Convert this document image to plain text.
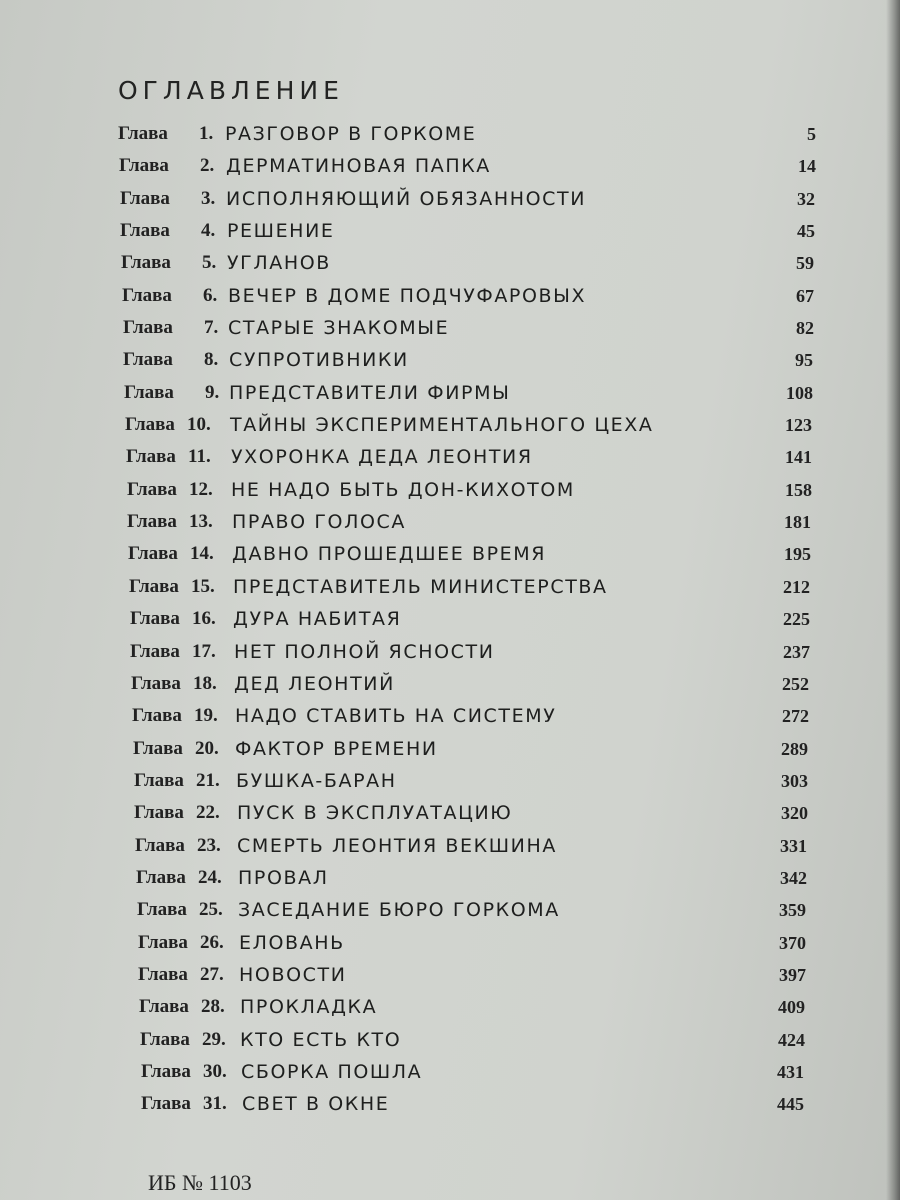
ОГЛАВЛЕНИЕ
Глава 1. РАЗГОВОР В ГОРКОМЕ	5
Глава 2. ДЕРМАТИНОВАЯ ПАПКА	14
Глава 3. ИСПОЛНЯЮЩИЙ ОБЯЗАННОСТИ	32
Глава 4. РЕШЕНИЕ	45
Глава 5. УГЛАНОВ	59
Глава 6. ВЕЧЕР В ДОМЕ ПОДЧУФАРОВЫХ	67
Глава 7. СТАРЫЕ ЗНАКОМЫЕ	82
Глава 8. СУПРОТИВНИКИ	95
Глава 9. ПРЕДСТАВИТЕЛИ ФИРМЫ	108
Глава 10. ТАЙНЫ ЭКСПЕРИМЕНТАЛЬНОГО ЦЕХА	123
Глава 11. УХОРОНКА ДЕДА ЛЕОНТИЯ	141
Глава 12. НЕ НАДО БЫТЬ ДОН-КИХОТОМ	158
Глава 13. ПРАВО ГОЛОСА	181
Глава 14. ДАВНО ПРОШЕДШЕЕ ВРЕМЯ	195
Глава 15. ПРЕДСТАВИТЕЛЬ МИНИСТЕРСТВА	212
Глава 16. ДУРА НАБИТАЯ	225
Глава 17. НЕТ ПОЛНОЙ ЯСНОСТИ	237
Глава 18. ДЕД ЛЕОНТИЙ	252
Глава 19. НАДО СТАВИТЬ НА СИСТЕМУ	272
Глава 20. ФАКТОР ВРЕМЕНИ	289
Глава 21. БУШКА-БАРАН	303
Глава 22. ПУСК В ЭКСПЛУАТАЦИЮ	320
Глава 23. СМЕРТЬ ЛЕОНТИЯ ВЕКШИНА	331
Глава 24. ПРОВАЛ	342
Глава 25. ЗАСЕДАНИЕ БЮРО ГОРКОМА	359
Глава 26. ЕЛОВАНЬ	370
Глава 27. НОВОСТИ	397
Глава 28. ПРОКЛАДКА	409
Глава 29. КТО ЕСТЬ КТО	424
Глава 30. СБОРКА ПОШЛА	431
Глава 31. СВЕТ В ОКНЕ	445

ИБ № 1103
